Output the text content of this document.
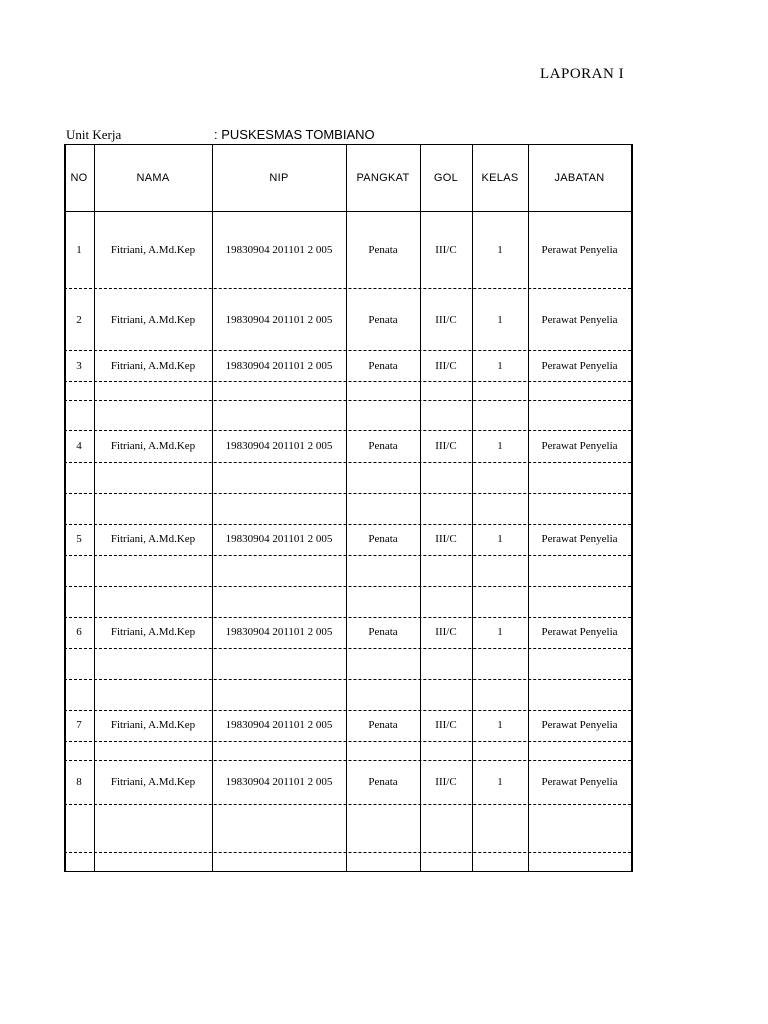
LAPORAN I
Unit Kerja	: PUSKESMAS TOMBIANO
NO	NAMA	NIP	PANGKAT	GOL	KELAS	JABATAN
1	Fitriani, A.Md.Kep	19830904 201101 2 005	Penata	III/C	1	Perawat Penyelia
2	Fitriani, A.Md.Kep	19830904 201101 2 005	Penata	III/C	1	Perawat Penyelia
3	Fitriani, A.Md.Kep	19830904 201101 2 005	Penata	III/C	1	Perawat Penyelia
4	Fitriani, A.Md.Kep	19830904 201101 2 005	Penata	III/C	1	Perawat Penyelia
5	Fitriani, A.Md.Kep	19830904 201101 2 005	Penata	III/C	1	Perawat Penyelia
6	Fitriani, A.Md.Kep	19830904 201101 2 005	Penata	III/C	1	Perawat Penyelia
7	Fitriani, A.Md.Kep	19830904 201101 2 005	Penata	III/C	1	Perawat Penyelia
8	Fitriani, A.Md.Kep	19830904 201101 2 005	Penata	III/C	1	Perawat Penyelia
